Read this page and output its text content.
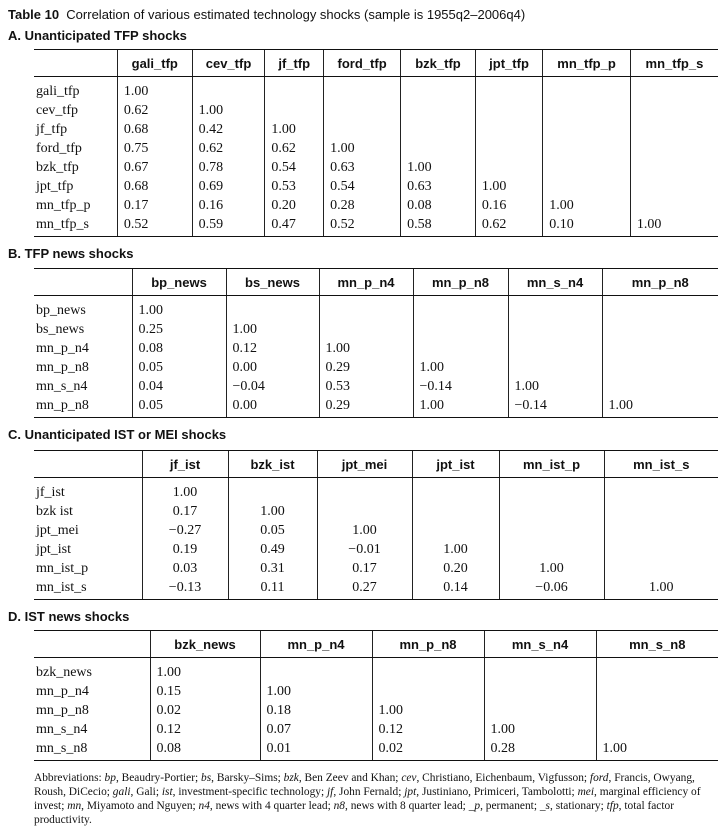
Table 10 Correlation of various estimated technology shocks (sample is 1955q2–2006q4)
A. Unanticipated TFP shocks
	gali_tfp	cev_tfp	jf_tfp	ford_tfp	bzk_tfp	jpt_tfp	mn_tfp_p	mn_tfp_s
gali_tfp	1.00							
cev_tfp	0.62	1.00						
jf_tfp	0.68	0.42	1.00					
ford_tfp	0.75	0.62	0.62	1.00				
bzk_tfp	0.67	0.78	0.54	0.63	1.00			
jpt_tfp	0.68	0.69	0.53	0.54	0.63	1.00		
mn_tfp_p	0.17	0.16	0.20	0.28	0.08	0.16	1.00	
mn_tfp_s	0.52	0.59	0.47	0.52	0.58	0.62	0.10	1.00
B. TFP news shocks
	bp_news	bs_news	mn_p_n4	mn_p_n8	mn_s_n4	mn_p_n8
bp_news	1.00					
bs_news	0.25	1.00				
mn_p_n4	0.08	0.12	1.00			
mn_p_n8	0.05	0.00	0.29	1.00		
mn_s_n4	0.04	−0.04	0.53	−0.14	1.00	
mn_p_n8	0.05	0.00	0.29	1.00	−0.14	1.00
C. Unanticipated IST or MEI shocks
	jf_ist	bzk_ist	jpt_mei	jpt_ist	mn_ist_p	mn_ist_s
jf_ist	1.00					
bzk ist	0.17	1.00				
jpt_mei	−0.27	0.05	1.00			
jpt_ist	0.19	0.49	−0.01	1.00		
mn_ist_p	0.03	0.31	0.17	0.20	1.00	
mn_ist_s	−0.13	0.11	0.27	0.14	−0.06	1.00
D. IST news shocks
	bzk_news	mn_p_n4	mn_p_n8	mn_s_n4	mn_s_n8
bzk_news	1.00				
mn_p_n4	0.15	1.00			
mn_p_n8	0.02	0.18	1.00		
mn_s_n4	0.12	0.07	0.12	1.00	
mn_s_n8	0.08	0.01	0.02	0.28	1.00
Abbreviations: bp, Beaudry-Portier; bs, Barsky–Sims; bzk, Ben Zeev and Khan; cev, Christiano, Eichenbaum, Vigfusson; ford, Francis, Owyang, Roush, DiCecio; gali, Gali; ist, investment-specific technology; jf, John Fernald; jpt, Justiniano, Primiceri, Tambolotti; mei, marginal efficiency of invest; mn, Miyamoto and Nguyen; n4, news with 4 quarter lead; n8, news with 8 quarter lead; _p, permanent; _s, stationary; tfp, total factor productivity.
